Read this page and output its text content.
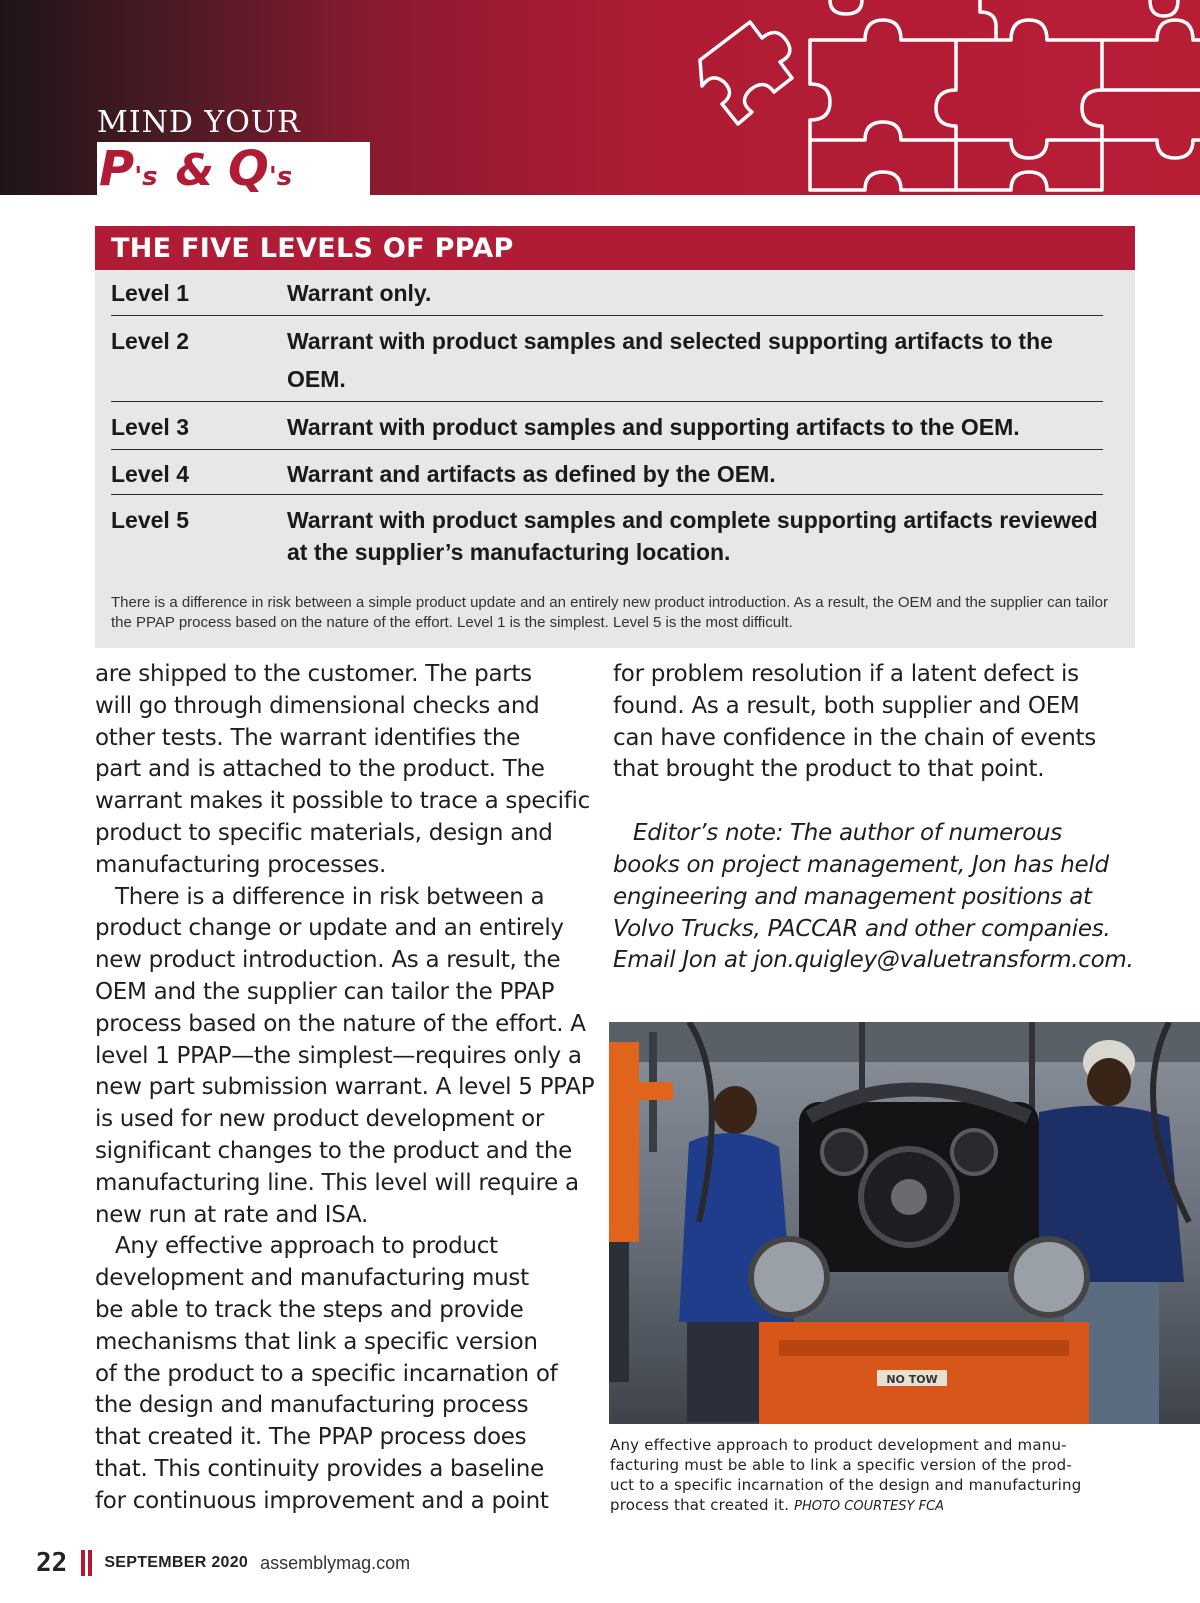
MIND YOUR
P's & Q's
THE FIVE LEVELS OF PPAP
Level 1	Warrant only.
Level 2	Warrant with product samples and selected supporting artifacts to the OEM.
Level 3	Warrant with product samples and supporting artifacts to the OEM.
Level 4	Warrant and artifacts as defined by the OEM.
Level 5	Warrant with product samples and complete supporting artifacts reviewed at the supplier’s manufacturing location.
There is a difference in risk between a simple product update and an entirely new product introduction. As a result, the OEM and the supplier can tailor the PPAP process based on the nature of the effort. Level 1 is the simplest. Level 5 is the most difficult.

are shipped to the customer. The parts
will go through dimensional checks and
other tests. The warrant identifies the
part and is attached to the product. The
warrant makes it possible to trace a specific
product to specific materials, design and
manufacturing processes.

There is a difference in risk between a
product change or update and an entirely
new product introduction. As a result, the
OEM and the supplier can tailor the PPAP
process based on the nature of the effort. A
level 1 PPAP—the simplest—requires only a
new part submission warrant. A level 5 PPAP
is used for new product development or
significant changes to the product and the
manufacturing line. This level will require a
new run at rate and ISA.

Any effective approach to product
development and manufacturing must
be able to track the steps and provide
mechanisms that link a specific version
of the product to a specific incarnation of
the design and manufacturing process
that created it. The PPAP process does
that. This continuity provides a baseline
for continuous improvement and a point

for problem resolution if a latent defect is
found. As a result, both supplier and OEM
can have confidence in the chain of events
that brought the product to that point.

Editor’s note: The author of numerous
books on project management, Jon has held
engineering and management positions at
Volvo Trucks, PACCAR and other companies.
Email Jon at jon.quigley@valuetransform.com.

NO TOW
Any effective approach to product development and manu-
facturing must be able to link a specific version of the prod-
uct to a specific incarnation of the design and manufacturing
process that created it. PHOTO COURTESY FCA
22 SEPTEMBER 2020 assemblymag.com
